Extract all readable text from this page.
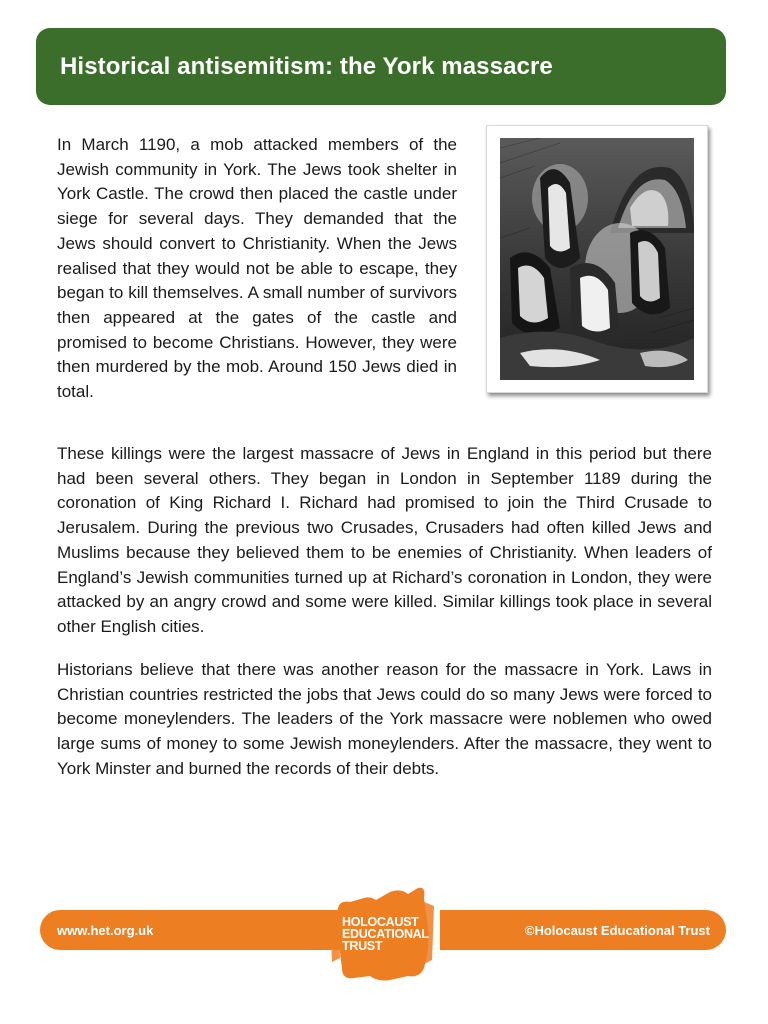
Historical antisemitism: the York massacre

In March 1190, a mob attacked members of the Jewish community in York. The Jews took shelter in York Castle. The crowd then placed the castle under siege for several days. They demanded that the Jews should convert to Christianity. When the Jews realised that they would not be able to escape, they began to kill themselves. A small number of survivors then appeared at the gates of the castle and promised to become Christians. However, they were then murdered by the mob. Around 150 Jews died in total.

These killings were the largest massacre of Jews in England in this period but there had been several others. They began in London in September 1189 during the coronation of King Richard I. Richard had promised to join the Third Crusade to Jerusalem. During the previous two Crusades, Crusaders had often killed Jews and Muslims because they believed them to be enemies of Christianity. When leaders of England’s Jewish communities turned up at Richard’s coronation in London, they were attacked by an angry crowd and some were killed. Similar killings took place in several other English cities.

Historians believe that there was another reason for the massacre in York. Laws in Christian countries restricted the jobs that Jews could do so many Jews were forced to become moneylenders. The leaders of the York massacre were noblemen who owed large sums of money to some Jewish moneylenders. After the massacre, they went to York Minster and burned the records of their debts.

www.het.org.uk	©Holocaust Educational Trust
HOLOCAUST
EDUCATIONAL
TRUST
